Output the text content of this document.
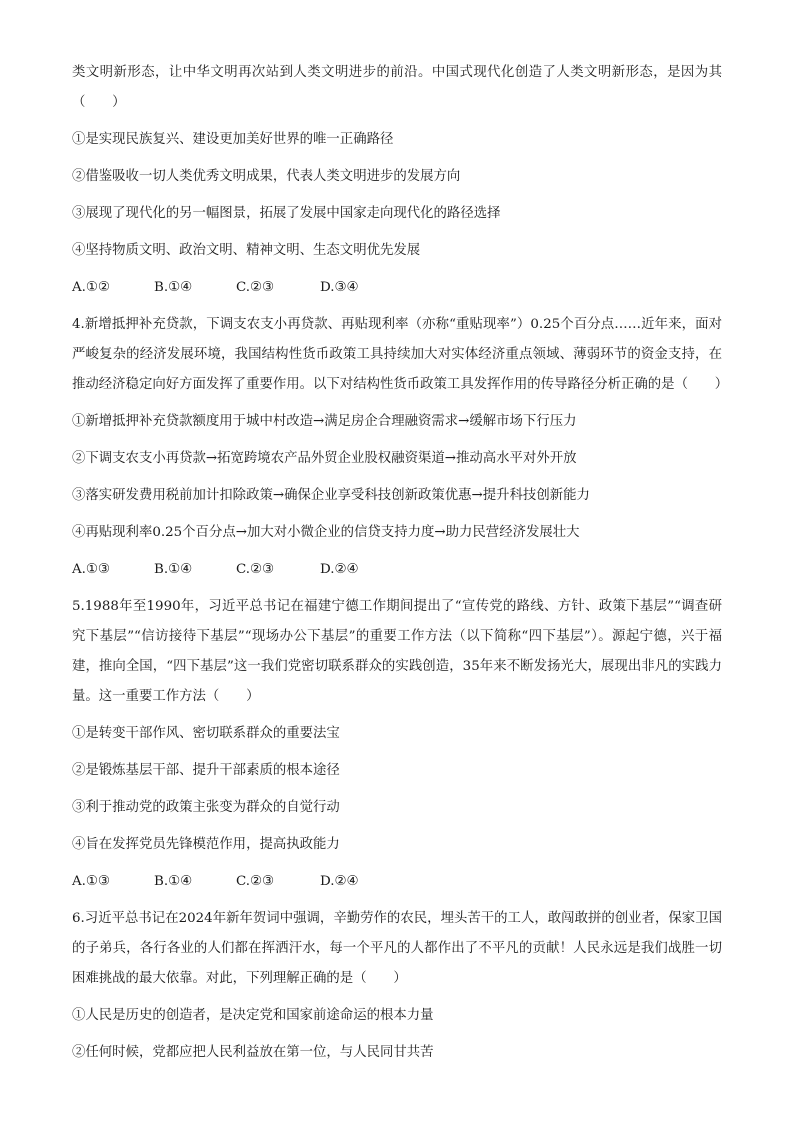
类文明新形态，让中华文明再次站到人类文明进步的前沿。中国式现代化创造了人类文明新形态，是因为其（　　）

①是实现民族复兴、建设更加美好世界的唯一正确路径

②借鉴吸收一切人类优秀文明成果，代表人类文明进步的发展方向

③展现了现代化的另一幅图景，拓展了发展中国家走向现代化的路径选择

④坚持物质文明、政治文明、精神文明、生态文明优先发展

A.①②	B.①④	C.②③	D.③④

4.新增抵押补充贷款，下调支农支小再贷款、再贴现利率（亦称“重贴现率”）0.25个百分点……近年来，面对严峻复杂的经济发展环境，我国结构性货币政策工具持续加大对实体经济重点领域、薄弱环节的资金支持，在推动经济稳定向好方面发挥了重要作用。以下对结构性货币政策工具发挥作用的传导路径分析正确的是（　　）

①新增抵押补充贷款额度用于城中村改造→满足房企合理融资需求→缓解市场下行压力

②下调支农支小再贷款→拓宽跨境农产品外贸企业股权融资渠道→推动高水平对外开放

③落实研发费用税前加计扣除政策→确保企业享受科技创新政策优惠→提升科技创新能力

④再贴现利率0.25个百分点→加大对小微企业的信贷支持力度→助力民营经济发展壮大

A.①③	B.①④	C.②③	D.②④

5.1988年至1990年，习近平总书记在福建宁德工作期间提出了“宣传党的路线、方针、政策下基层”“调查研究下基层”“信访接待下基层”“现场办公下基层”的重要工作方法（以下简称“四下基层”）。源起宁德，兴于福建，推向全国，“四下基层”这一我们党密切联系群众的实践创造，35年来不断发扬光大，展现出非凡的实践力量。这一重要工作方法（　　）

①是转变干部作风、密切联系群众的重要法宝

②是锻炼基层干部、提升干部素质的根本途径

③利于推动党的政策主张变为群众的自觉行动

④旨在发挥党员先锋模范作用，提高执政能力

A.①③	B.①④	C.②③	D.②④

6.习近平总书记在2024年新年贺词中强调，辛勤劳作的农民，埋头苦干的工人，敢闯敢拼的创业者，保家卫国的子弟兵，各行各业的人们都在挥洒汗水，每一个平凡的人都作出了不平凡的贡献！人民永远是我们战胜一切困难挑战的最大依靠。对此，下列理解正确的是（　　）

①人民是历史的创造者，是决定党和国家前途命运的根本力量

②任何时候，党都应把人民利益放在第一位，与人民同甘共苦
